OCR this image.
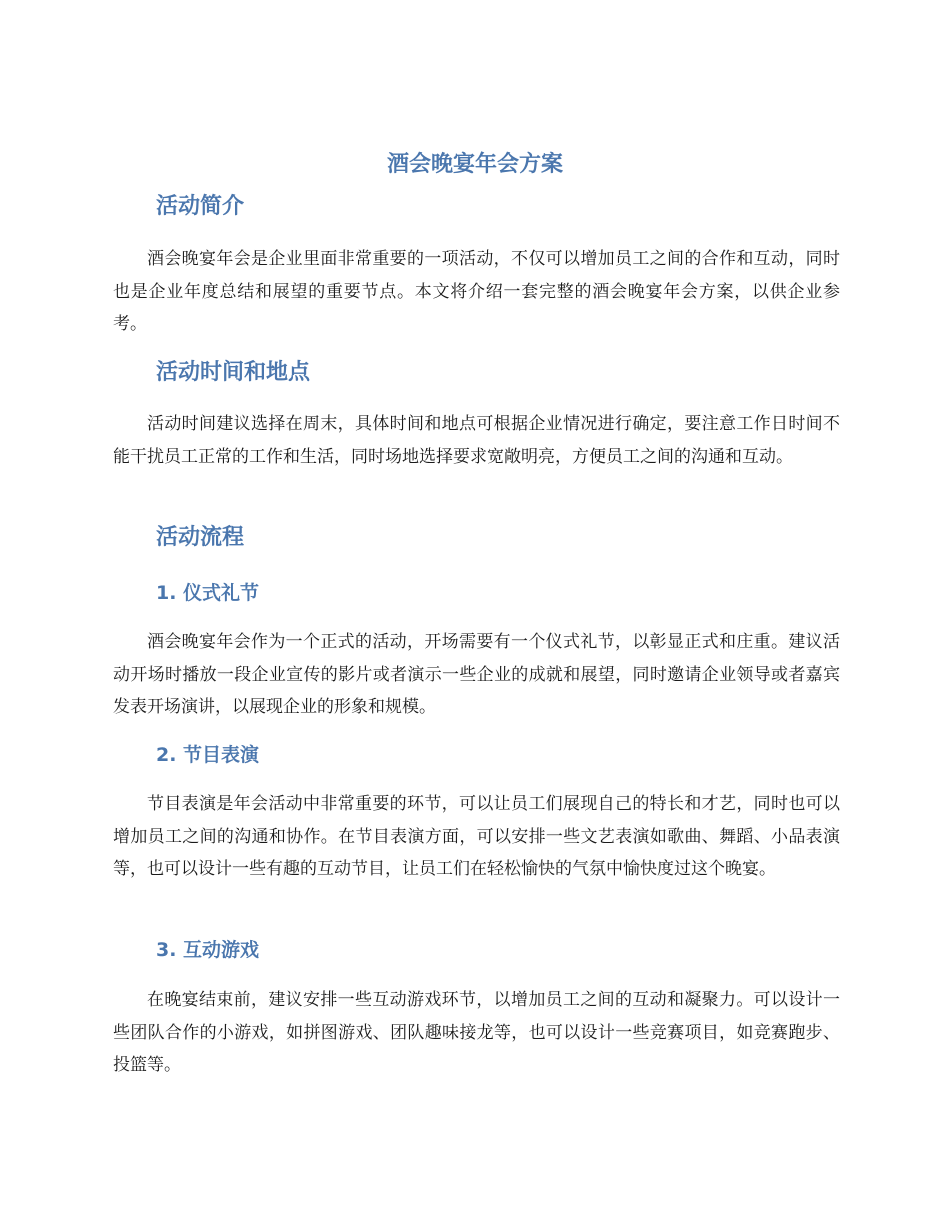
酒会晚宴年会方案
活动简介

酒会晚宴年会是企业里面非常重要的一项活动，不仅可以增加员工之间的合作和互动，同时也是企业年度总结和展望的重要节点。本文将介绍一套完整的酒会晚宴年会方案，以供企业参考。

活动时间和地点

活动时间建议选择在周末，具体时间和地点可根据企业情况进行确定，要注意工作日时间不能干扰员工正常的工作和生活，同时场地选择要求宽敞明亮，方便员工之间的沟通和互动。

活动流程
1. 仪式礼节

酒会晚宴年会作为一个正式的活动，开场需要有一个仪式礼节，以彰显正式和庄重。建议活动开场时播放一段企业宣传的影片或者演示一些企业的成就和展望，同时邀请企业领导或者嘉宾发表开场演讲，以展现企业的形象和规模。

2. 节目表演

节目表演是年会活动中非常重要的环节，可以让员工们展现自己的特长和才艺，同时也可以增加员工之间的沟通和协作。在节目表演方面，可以安排一些文艺表演如歌曲、舞蹈、小品表演等，也可以设计一些有趣的互动节目，让员工们在轻松愉快的气氛中愉快度过这个晚宴。

3. 互动游戏

在晚宴结束前，建议安排一些互动游戏环节，以增加员工之间的互动和凝聚力。可以设计一些团队合作的小游戏，如拼图游戏、团队趣味接龙等，也可以设计一些竞赛项目，如竞赛跑步、投篮等。
